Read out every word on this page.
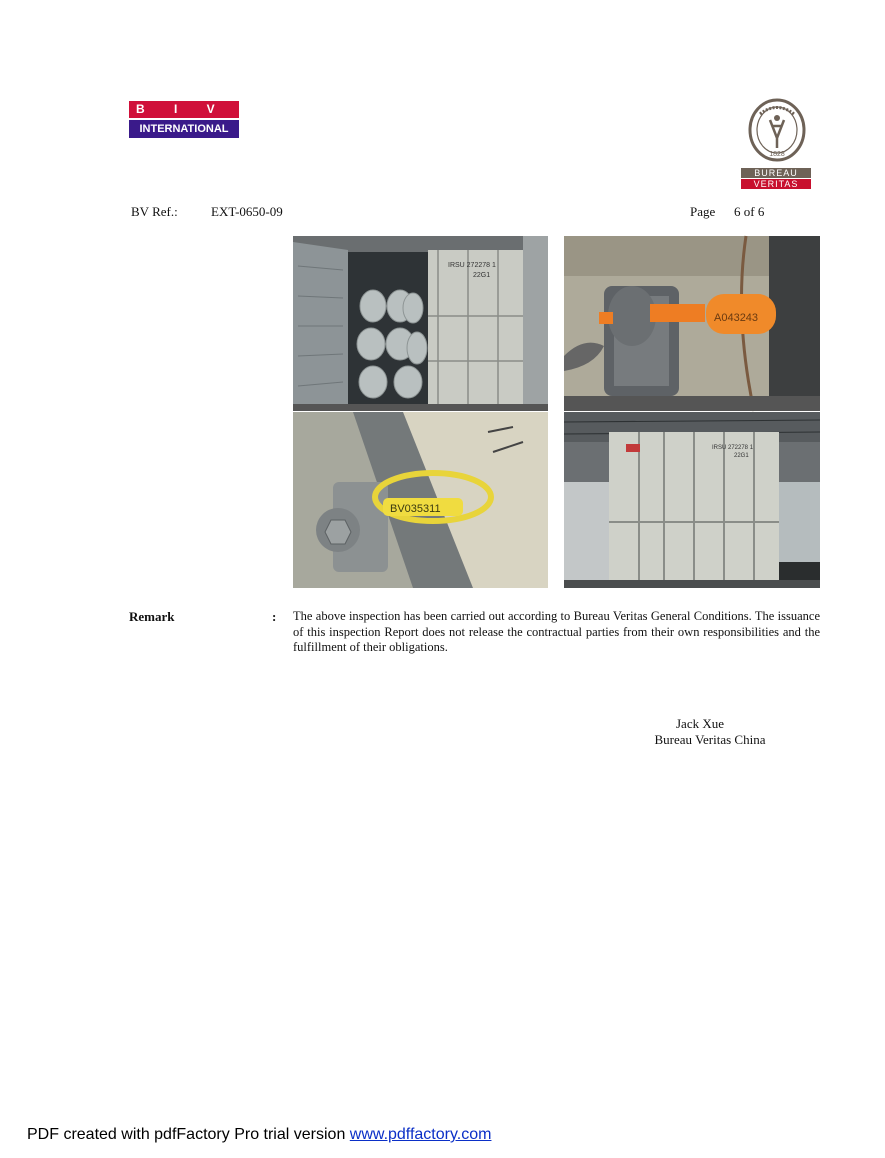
B I V A C
INTERNATIONAL
1828
BUREAU
VERITAS
BV Ref.:	EXT-0650-09	Page 6 of 6
IRSU 272278 1
22G1
A043243
BV035311
IRSU 272278 1
22G1
Remark	: The above inspection has been carried out according to Bureau Veritas General Conditions. The issuance of this inspection Report does not release the contractual parties from their own responsibilities and the fulfillment of their obligations.
Jack Xue
Bureau Veritas China
PDF created with pdfFactory Pro trial version www.pdffactory.com
